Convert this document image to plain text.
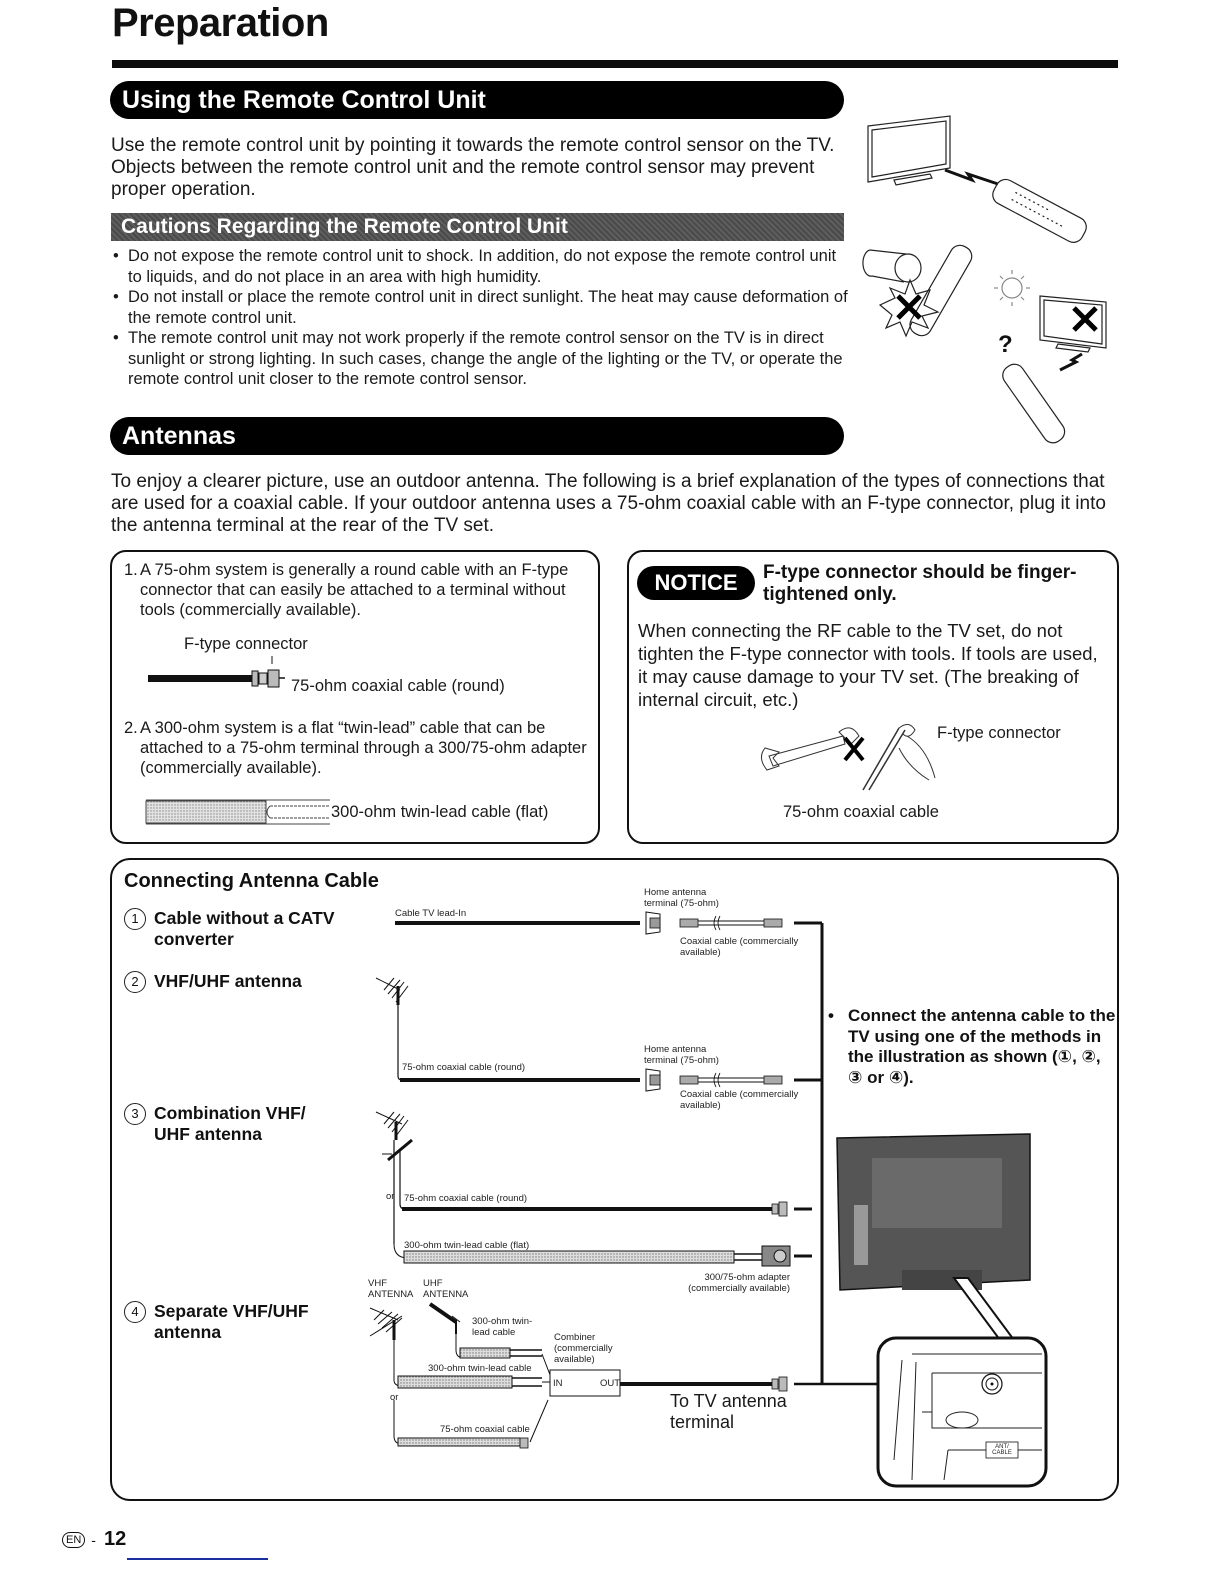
Preparation
Using the Remote Control Unit
Use the remote control unit by pointing it towards the remote control sensor on the TV. Objects between the remote control unit and the remote control sensor may prevent proper operation.
Cautions Regarding the Remote Control Unit
• Do not expose the remote control unit to shock. In addition, do not expose the remote control unit to liquids, and do not place in an area with high humidity.
• Do not install or place the remote control unit in direct sunlight. The heat may cause deformation of the remote control unit.
• The remote control unit may not work properly if the remote control sensor on the TV is in direct sunlight or strong lighting. In such cases, change the angle of the lighting or the TV, or operate the remote control unit closer to the remote control sensor.
?
Antennas
To enjoy a clearer picture, use an outdoor antenna. The following is a brief explanation of the types of connections that are used for a coaxial cable. If your outdoor antenna uses a 75-ohm coaxial cable with an F-type connector, plug it into the antenna terminal at the rear of the TV set.
1. A 75-ohm system is generally a round cable with an F-type connector that can easily be attached to a terminal without tools (commercially available).
F-type connector
75-ohm coaxial cable (round)
2. A 300-ohm system is a flat “twin-lead” cable that can be attached to a 75-ohm terminal through a 300/75-ohm adapter (commercially available).
300-ohm twin-lead cable (flat)
NOTICE	F-type connector should be finger-tightened only.
When connecting the RF cable to the TV set, do not tighten the F-type connector with tools. If tools are used, it may cause damage to your TV set. (The breaking of internal circuit, etc.)
F-type connector
75-ohm coaxial cable
Connecting Antenna Cable
1 Cable without a CATV converter
2 VHF/UHF antenna
3 Combination VHF/ UHF antenna
4 Separate VHF/UHF antenna
Cable TV lead-In
Home antenna terminal (75-ohm)
Coaxial cable (commercially available)
75-ohm coaxial cable (round)
Home antenna terminal (75-ohm)
Coaxial cable (commercially available)
or 75-ohm coaxial cable (round)
300-ohm twin-lead cable (flat)
300/75-ohm adapter (commercially available)
VHF ANTENNA
UHF ANTENNA
300-ohm twin-lead cable	Combiner (commercially available)
300-ohm twin-lead cable
IN	OUT
or
75-ohm coaxial cable
To TV antenna terminal
ANT/ CABLE
• Connect the antenna cable to the TV using one of the methods in the illustration as shown (①, ②, ③ or ④).
EN - 12
